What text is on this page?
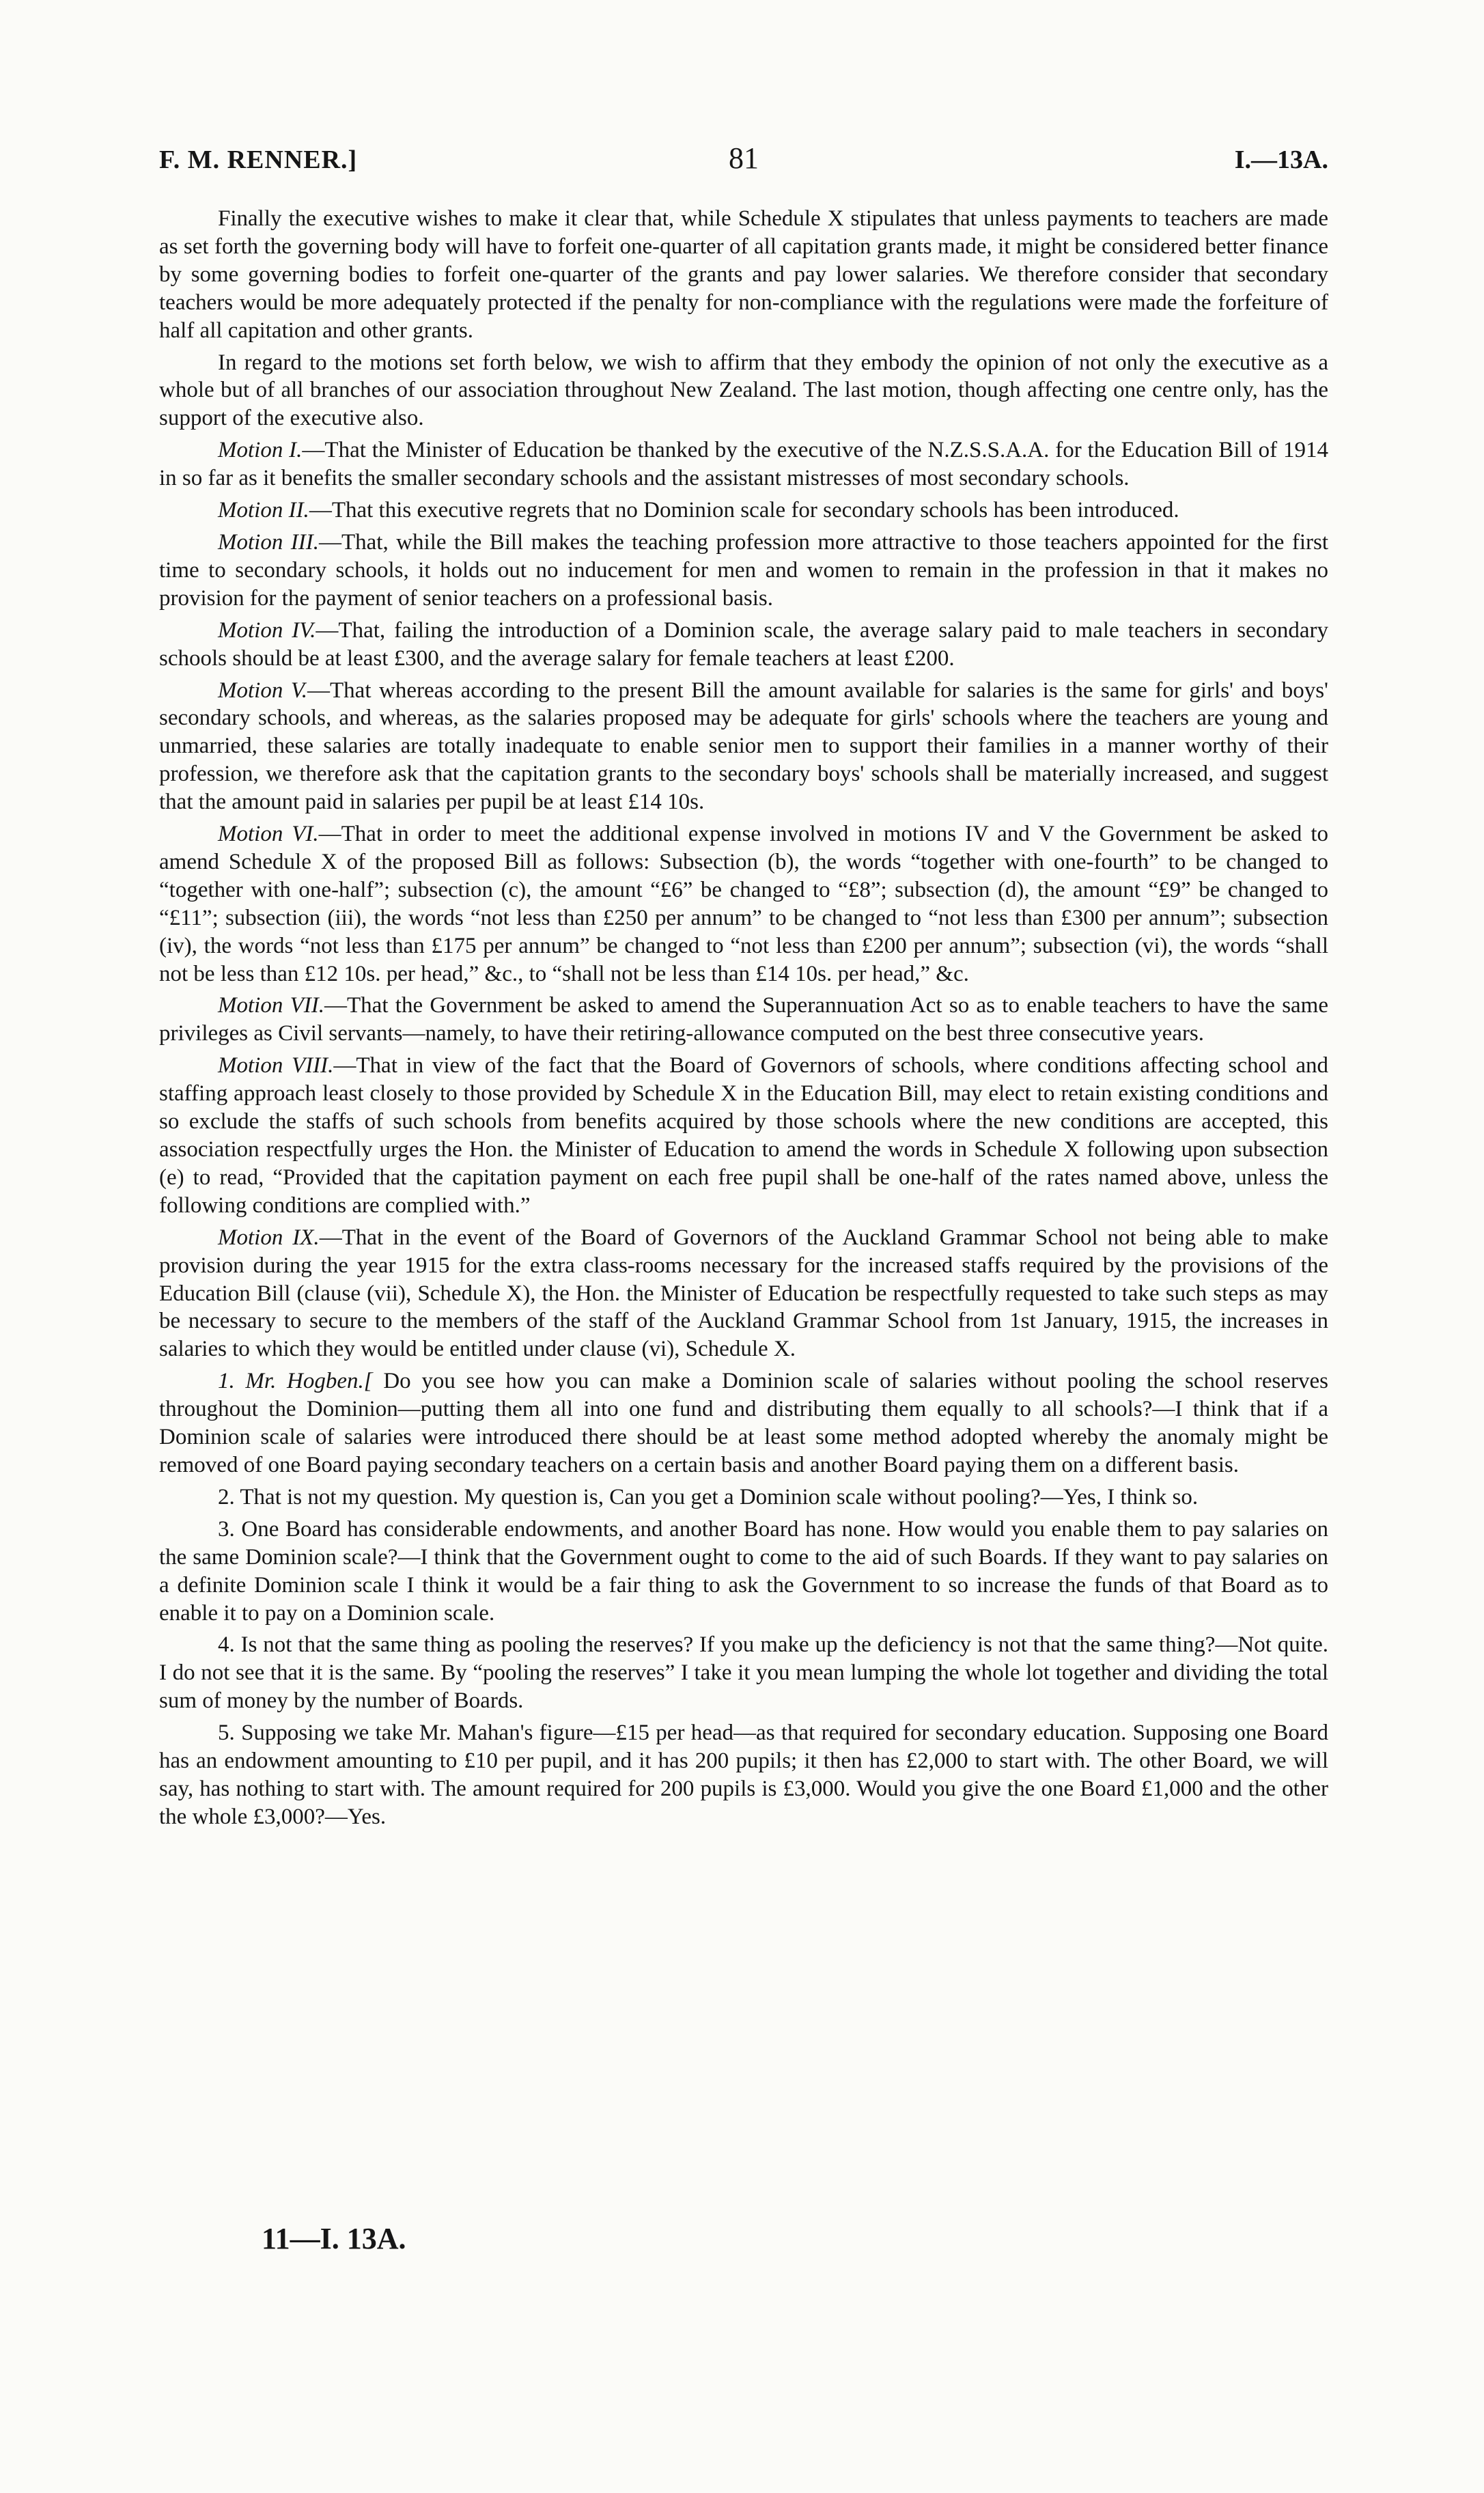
F. M. RENNER.]	81	I.—13A.

Finally the executive wishes to make it clear that, while Schedule X stipulates that unless payments to teachers are made as set forth the governing body will have to forfeit one-quarter of all capitation grants made, it might be considered better finance by some governing bodies to forfeit one-quarter of the grants and pay lower salaries. We therefore consider that secondary teachers would be more adequately protected if the penalty for non-compliance with the regulations were made the forfeiture of half all capitation and other grants.

In regard to the motions set forth below, we wish to affirm that they embody the opinion of not only the executive as a whole but of all branches of our association throughout New Zealand. The last motion, though affecting one centre only, has the support of the executive also.

Motion I.—That the Minister of Education be thanked by the executive of the N.Z.S.S.A.A. for the Education Bill of 1914 in so far as it benefits the smaller secondary schools and the assistant mistresses of most secondary schools.

Motion II.—That this executive regrets that no Dominion scale for secondary schools has been introduced.

Motion III.—That, while the Bill makes the teaching profession more attractive to those teachers appointed for the first time to secondary schools, it holds out no inducement for men and women to remain in the profession in that it makes no provision for the payment of senior teachers on a professional basis.

Motion IV.—That, failing the introduction of a Dominion scale, the average salary paid to male teachers in secondary schools should be at least £300, and the average salary for female teachers at least £200.

Motion V.—That whereas according to the present Bill the amount available for salaries is the same for girls' and boys' secondary schools, and whereas, as the salaries proposed may be adequate for girls' schools where the teachers are young and unmarried, these salaries are totally inadequate to enable senior men to support their families in a manner worthy of their profession, we therefore ask that the capitation grants to the secondary boys' schools shall be materially increased, and suggest that the amount paid in salaries per pupil be at least £14 10s.

Motion VI.—That in order to meet the additional expense involved in motions IV and V the Government be asked to amend Schedule X of the proposed Bill as follows: Subsection (b), the words “together with one-fourth” to be changed to “together with one-half”; subsection (c), the amount “£6” be changed to “£8”; subsection (d), the amount “£9” be changed to “£11”; subsection (iii), the words “not less than £250 per annum” to be changed to “not less than £300 per annum”; subsection (iv), the words “not less than £175 per annum” be changed to “not less than £200 per annum”; subsection (vi), the words “shall not be less than £12 10s. per head,” &c., to “shall not be less than £14 10s. per head,” &c.

Motion VII.—That the Government be asked to amend the Superannuation Act so as to enable teachers to have the same privileges as Civil servants—namely, to have their retiring-allowance computed on the best three consecutive years.

Motion VIII.—That in view of the fact that the Board of Governors of schools, where conditions affecting school and staffing approach least closely to those provided by Schedule X in the Education Bill, may elect to retain existing conditions and so exclude the staffs of such schools from benefits acquired by those schools where the new conditions are accepted, this association respectfully urges the Hon. the Minister of Education to amend the words in Schedule X following upon subsection (e) to read, “Provided that the capitation payment on each free pupil shall be one-half of the rates named above, unless the following conditions are complied with.”

Motion IX.—That in the event of the Board of Governors of the Auckland Grammar School not being able to make provision during the year 1915 for the extra class-rooms necessary for the increased staffs required by the provisions of the Education Bill (clause (vii), Schedule X), the Hon. the Minister of Education be respectfully requested to take such steps as may be necessary to secure to the members of the staff of the Auckland Grammar School from 1st January, 1915, the increases in salaries to which they would be entitled under clause (vi), Schedule X.

1. Mr. Hogben.[ Do you see how you can make a Dominion scale of salaries without pooling the school reserves throughout the Dominion—putting them all into one fund and distributing them equally to all schools?—I think that if a Dominion scale of salaries were introduced there should be at least some method adopted whereby the anomaly might be removed of one Board paying secondary teachers on a certain basis and another Board paying them on a different basis.

2. That is not my question. My question is, Can you get a Dominion scale without pooling?—Yes, I think so.

3. One Board has considerable endowments, and another Board has none. How would you enable them to pay salaries on the same Dominion scale?—I think that the Government ought to come to the aid of such Boards. If they want to pay salaries on a definite Dominion scale I think it would be a fair thing to ask the Government to so increase the funds of that Board as to enable it to pay on a Dominion scale.

4. Is not that the same thing as pooling the reserves? If you make up the deficiency is not that the same thing?—Not quite. I do not see that it is the same. By “pooling the reserves” I take it you mean lumping the whole lot together and dividing the total sum of money by the number of Boards.

5. Supposing we take Mr. Mahan's figure—£15 per head—as that required for secondary education. Supposing one Board has an endowment amounting to £10 per pupil, and it has 200 pupils; it then has £2,000 to start with. The other Board, we will say, has nothing to start with. The amount required for 200 pupils is £3,000. Would you give the one Board £1,000 and the other the whole £3,000?—Yes.

11—I. 13A.
